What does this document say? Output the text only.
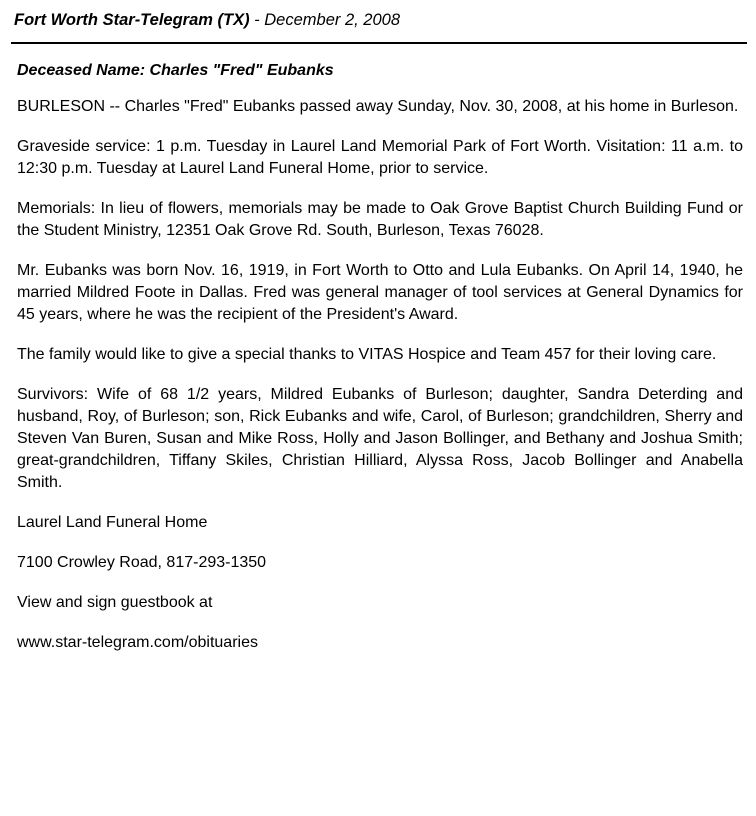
Fort Worth Star-Telegram (TX) - December 2, 2008

Deceased Name: Charles "Fred" Eubanks

BURLESON -- Charles "Fred" Eubanks passed away Sunday, Nov. 30, 2008, at his home in Burleson.

Graveside service: 1 p.m. Tuesday in Laurel Land Memorial Park of Fort Worth. Visitation: 11 a.m. to 12:30 p.m. Tuesday at Laurel Land Funeral Home, prior to service.

Memorials: In lieu of flowers, memorials may be made to Oak Grove Baptist Church Building Fund or the Student Ministry, 12351 Oak Grove Rd. South, Burleson, Texas 76028.

Mr. Eubanks was born Nov. 16, 1919, in Fort Worth to Otto and Lula Eubanks. On April 14, 1940, he married Mildred Foote in Dallas. Fred was general manager of tool services at General Dynamics for 45 years, where he was the recipient of the President's Award.

The family would like to give a special thanks to VITAS Hospice and Team 457 for their loving care.

Survivors: Wife of 68 1/2 years, Mildred Eubanks of Burleson; daughter, Sandra Deterding and husband, Roy, of Burleson; son, Rick Eubanks and wife, Carol, of Burleson; grandchildren, Sherry and Steven Van Buren, Susan and Mike Ross, Holly and Jason Bollinger, and Bethany and Joshua Smith; great-grandchildren, Tiffany Skiles, Christian Hilliard, Alyssa Ross, Jacob Bollinger and Anabella Smith.

Laurel Land Funeral Home

7100 Crowley Road, 817-293-1350

View and sign guestbook at

www.star-telegram.com/obituaries
